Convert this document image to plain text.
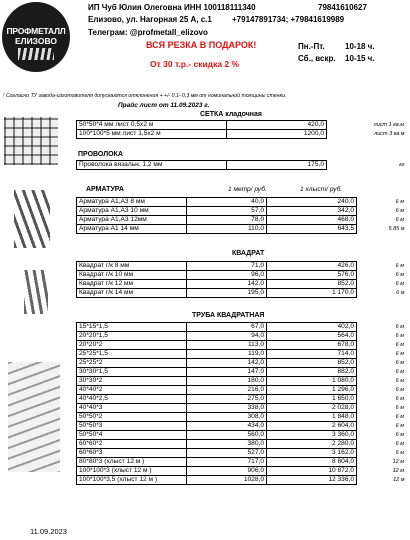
ПРОФМЕТАЛЛ
ЕЛИЗОВО
ИП Чуб Юлия Олеговна ИНН 100118111340	79841610627
Елизово, ул. Нагорная 25 А, с.1	+79147891734; +79841619989
Телеграм: @profmetall_elizovo
ВСЯ РЕЗКА В ПОДАРОК!
От 30 т.р.- скидка 2 %
Пн.-Пт.	10-18 ч.
Сб., вскр. 10-15 ч.
! Согласно ТУ завода-изготовителя допускаются отклонения + +/- 0,1- 0,3 мм от номинальной толщины стенки.
Прайс лист от 11.09.2023 г.
СЕТКА кладочная
50*50*4 мм лист 0,5х2 м	420,0	лист 1 кв.м
100*100*5 мм лист 1,5х2 м	1200,0	лист 3 кв.м
ПРОВОЛОКА
Проволока вязальн. 1,2 мм	175,0	кг
АРМАТУРА	1 метр/ руб.	1 хлыст/ руб.
Арматура А1,А3 8 мм	40,0	240,0	6 м
Арматура А1,А3 10 мм	57,0	342,0	6 м
Арматура А1,А3 12мм	78,0	468,0	6 м
Арматура А1 14 мм	110,0	643,5	5,85 м
КВАДРАТ
Квадрат г/к 8 мм	71,0	426,0	6 м
Квадрат г/к 10 мм	96,0	576,0	6 м
Квадрат г/к 12 мм	142,0	852,0	6 м
Квадрат г/к 14 мм	195,0	1 170,0	6 м
ТРУБА КВАДРАТНАЯ
15*15*1,5	67,0	402,0	6 м
20*20*1,5	94,0	564,0	6 м
20*20*2	113,0	678,0	6 м
25*25*1,5	119,0	714,0	6 м
25*25*2	142,0	852,0	6 м
30*30*1,5	147,0	882,0	6 м
30*30*2	180,0	1 080,0	6 м
40*40*2	216,0	1 296,0	6 м
40*40*2,5	275,0	1 650,0	6 м
40*40*3	338,0	2 028,0	6 м
50*50*2	308,0	1 848,0	6 м
50*50*3	434,0	2 604,0	6 м
50*50*4	560,0	3 360,0	6 м
60*60*2	380,0	2 280,0	6 м
60*60*3	527,0	3 162,0	6 м
80*80*3 (хлыст 12 м )	717,0	8 604,0	12 м
100*100*3 (хлыст 12 м )	906,0	10 872,0	12 м
100*100*3,5 (хлыст 12 м )	1028,0	12 336,0	12 м
11.09.2023
